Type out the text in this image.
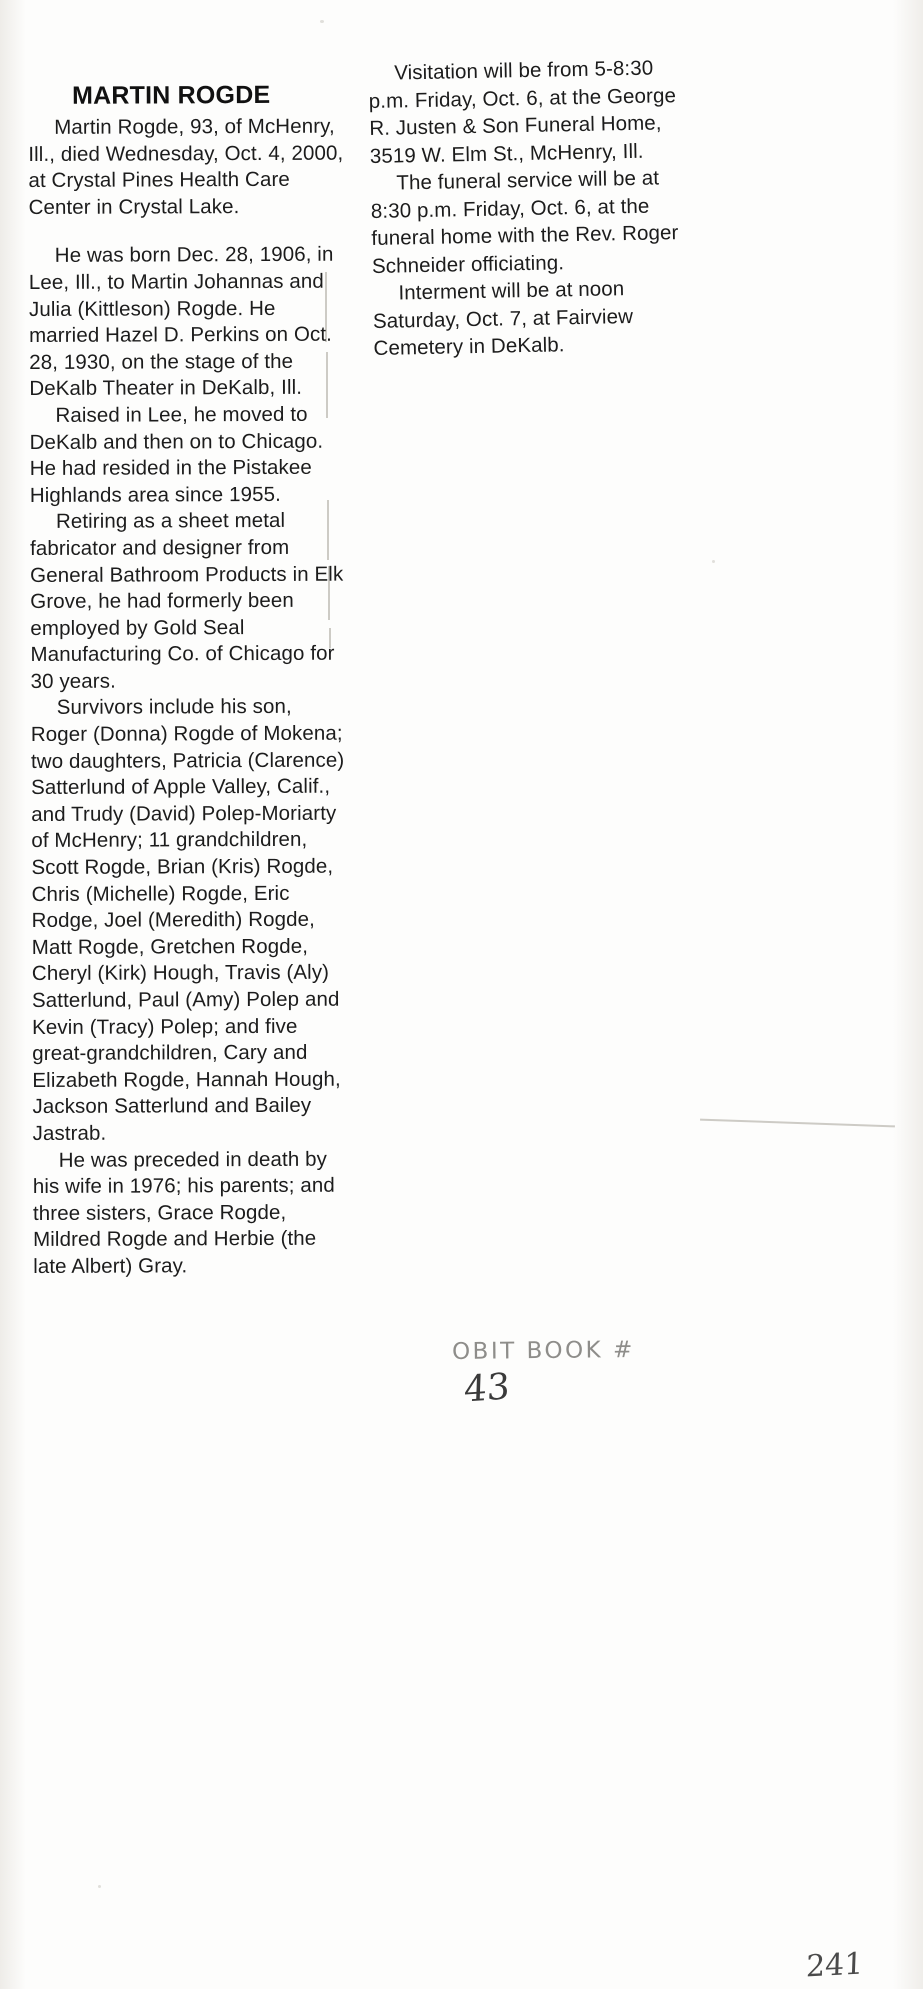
MARTIN ROGDE

Martin Rogde, 93, of McHenry, Ill., died Wednesday, Oct. 4, 2000, at Crystal Pines Health Care Center in Crystal Lake.

He was born Dec. 28, 1906, in Lee, Ill., to Martin Johannas and Julia (Kittleson) Rogde. He married Hazel D. Perkins on Oct. 28, 1930, on the stage of the DeKalb Theater in DeKalb, Ill.

Raised in Lee, he moved to DeKalb and then on to Chicago. He had resided in the Pistakee Highlands area since 1955.

Retiring as a sheet metal fabricator and designer from General Bathroom Products in Elk Grove, he had formerly been employed by Gold Seal Manufacturing Co. of Chicago for 30 years.

Survivors include his son, Roger (Donna) Rogde of Mokena; two daughters, Patricia (Clarence) Satterlund of Apple Valley, Calif., and Trudy (David) Polep-Moriarty of McHenry; 11 grandchildren, Scott Rogde, Brian (Kris) Rogde, Chris (Michelle) Rogde, Eric Rodge, Joel (Meredith) Rogde, Matt Rogde, Gretchen Rogde, Cheryl (Kirk) Hough, Travis (Aly) Satterlund, Paul (Amy) Polep and Kevin (Tracy) Polep; and five great-grandchildren, Cary and Elizabeth Rogde, Hannah Hough, Jackson Satterlund and Bailey Jastrab.

He was preceded in death by his wife in 1976; his parents; and three sisters, Grace Rogde, Mildred Rogde and Herbie (the late Albert) Gray.

Visitation will be from 5-8:30 p.m. Friday, Oct. 6, at the George R. Justen & Son Funeral Home, 3519 W. Elm St., McHenry, Ill.

The funeral service will be at 8:30 p.m. Friday, Oct. 6, at the funeral home with the Rev. Roger Schneider officiating.

Interment will be at noon Saturday, Oct. 7, at Fairview Cemetery in DeKalb.

OBIT BOOK #
43
241
